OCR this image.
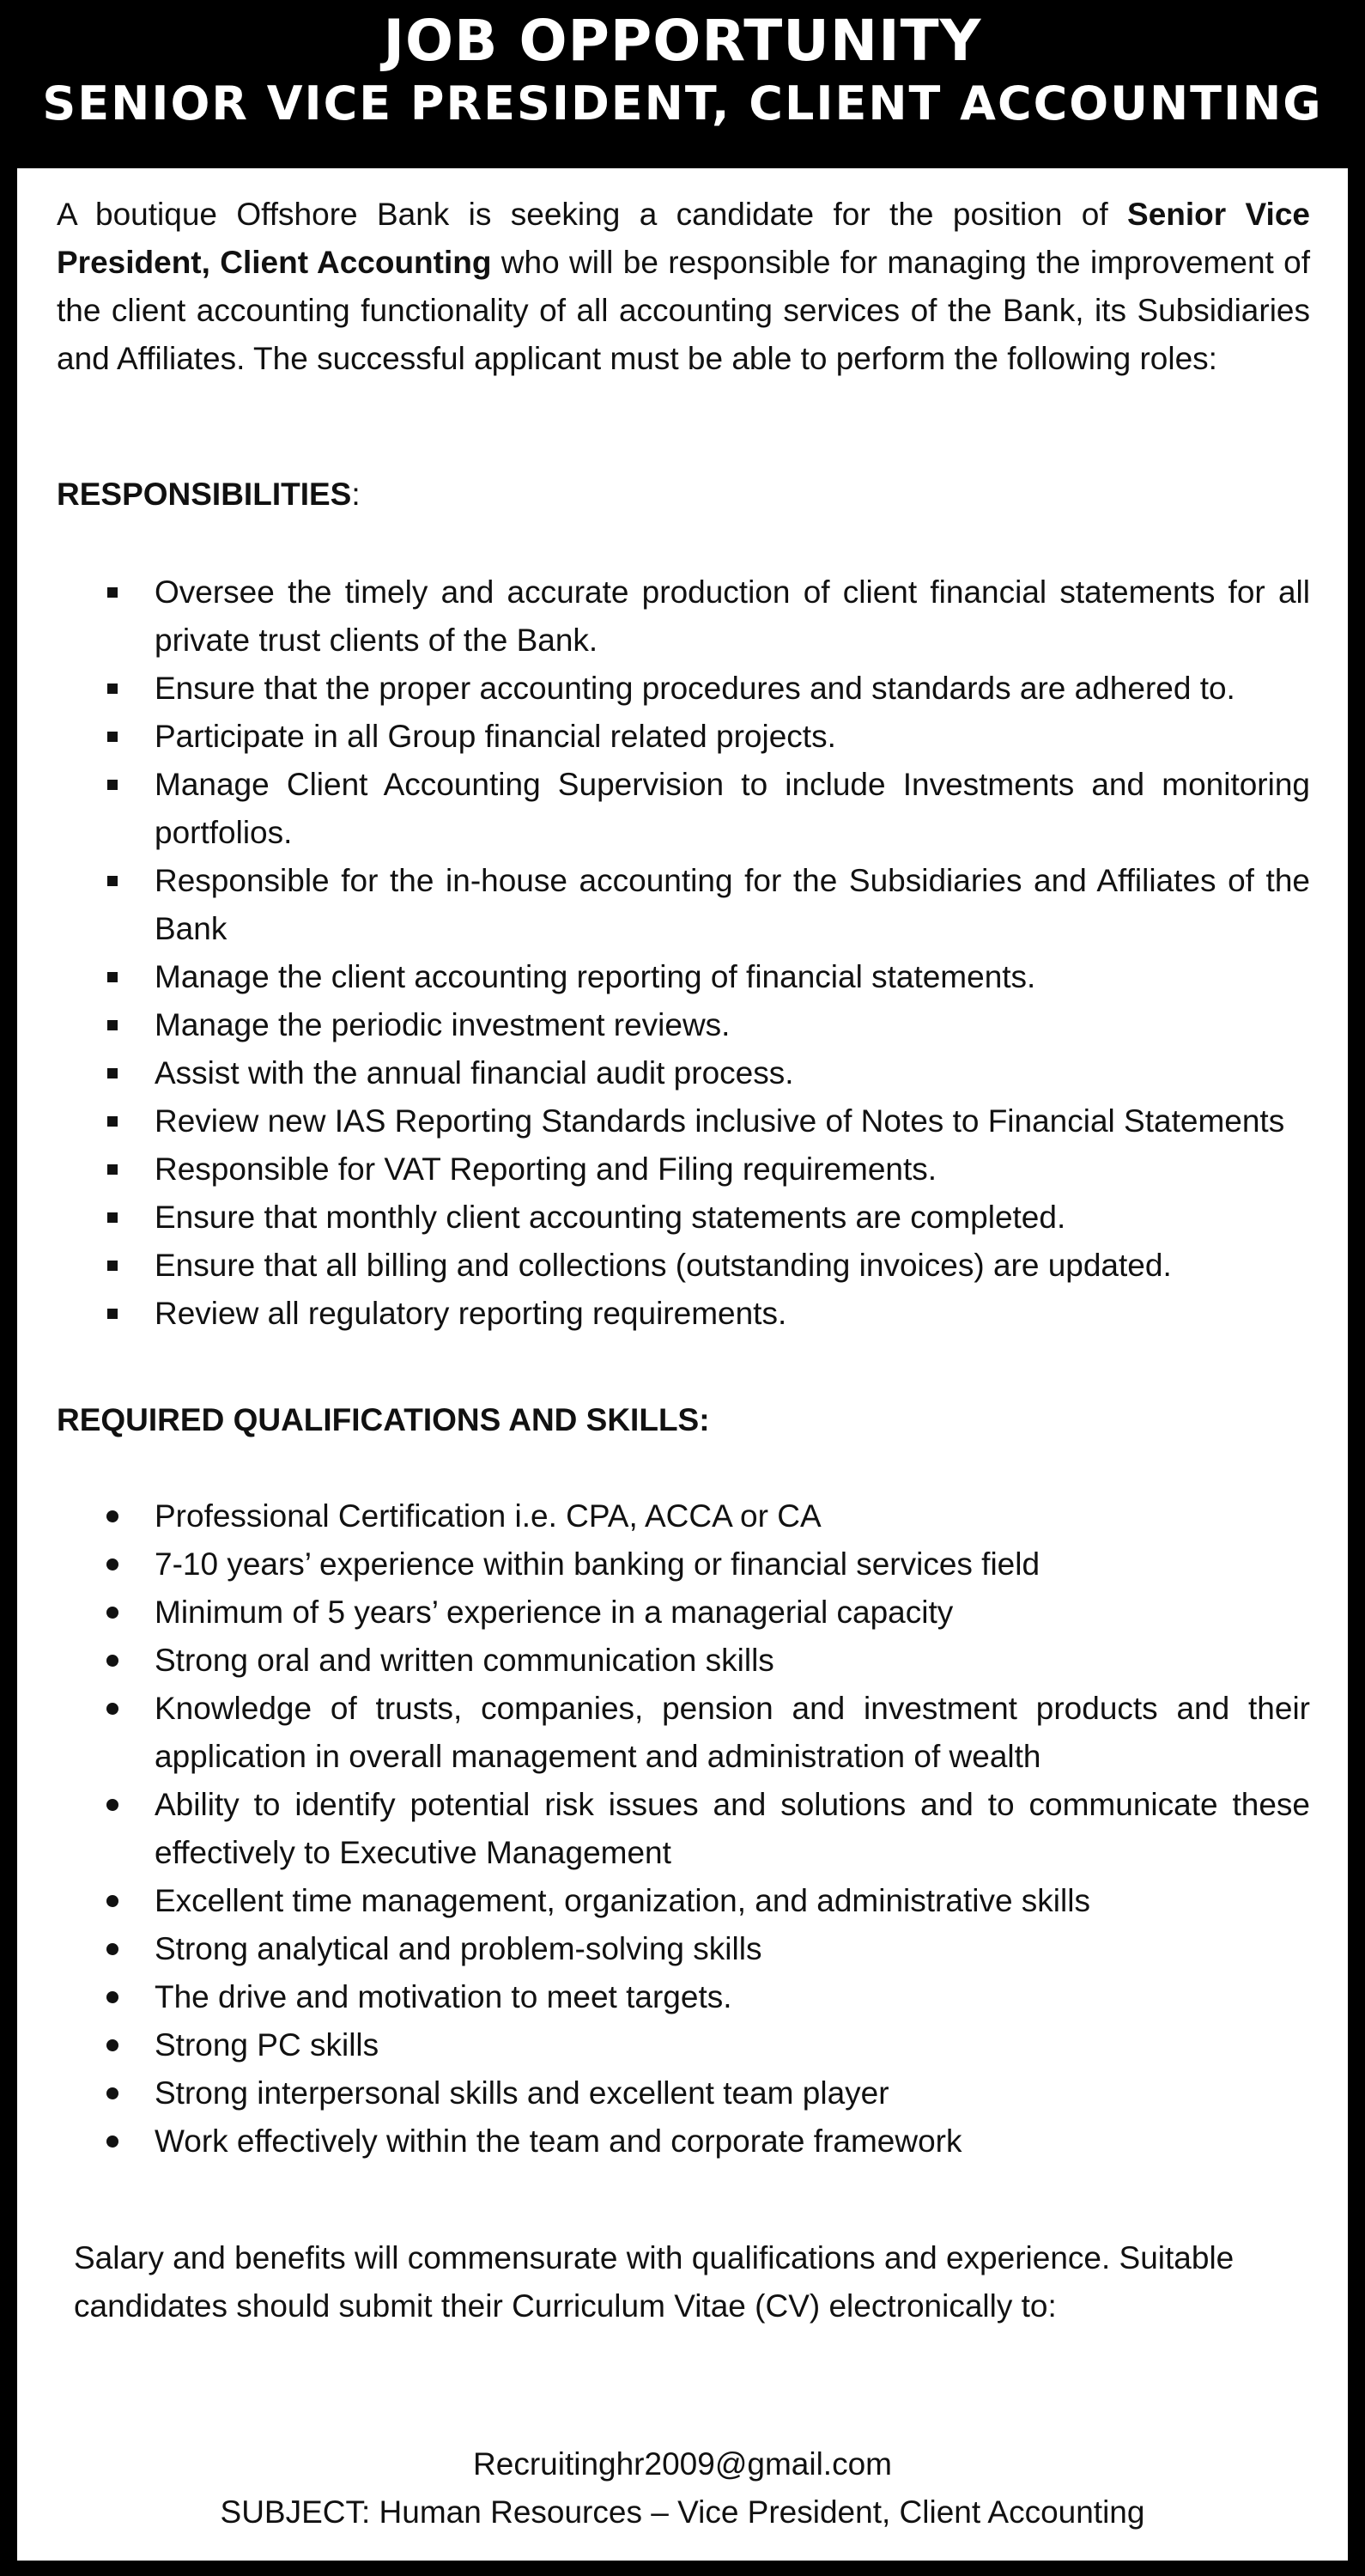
JOB OPPORTUNITY
SENIOR VICE PRESIDENT, CLIENT ACCOUNTING

A boutique Offshore Bank is seeking a candidate for the position of Senior Vice President, Client Accounting who will be responsible for managing the improvement of the client accounting functionality of all accounting services of the Bank, its Subsidiaries and Affiliates. The successful applicant must be able to perform the following roles:

RESPONSIBILITIES:

Oversee the timely and accurate production of client financial statements for all private trust clients of the Bank.
Ensure that the proper accounting procedures and standards are adhered to.
Participate in all Group financial related projects.
Manage Client Accounting Supervision to include Investments and monitoring portfolios.
Responsible for the in-house accounting for the Subsidiaries and Affiliates of the Bank
Manage the client accounting reporting of financial statements.
Manage the periodic investment reviews.
Assist with the annual financial audit process.
Review new IAS Reporting Standards inclusive of Notes to Financial Statements
Responsible for VAT Reporting and Filing requirements.
Ensure that monthly client accounting statements are completed.
Ensure that all billing and collections (outstanding invoices) are updated.
Review all regulatory reporting requirements.

REQUIRED QUALIFICATIONS AND SKILLS:

Professional Certification i.e. CPA, ACCA or CA
7-10 years’ experience within banking or financial services field
Minimum of 5 years’ experience in a managerial capacity
Strong oral and written communication skills
Knowledge of trusts, companies, pension and investment products and their application in overall management and administration of wealth
Ability to identify potential risk issues and solutions and to communicate these effectively to Executive Management
Excellent time management, organization, and administrative skills
Strong analytical and problem-solving skills
The drive and motivation to meet targets.
Strong PC skills
Strong interpersonal skills and excellent team player
Work effectively within the team and corporate framework

Salary and benefits will commensurate with qualifications and experience. Suitable candidates should submit their Curriculum Vitae (CV) electronically to:

Recruitinghr2009@gmail.com

SUBJECT: Human Resources – Vice President, Client Accounting
